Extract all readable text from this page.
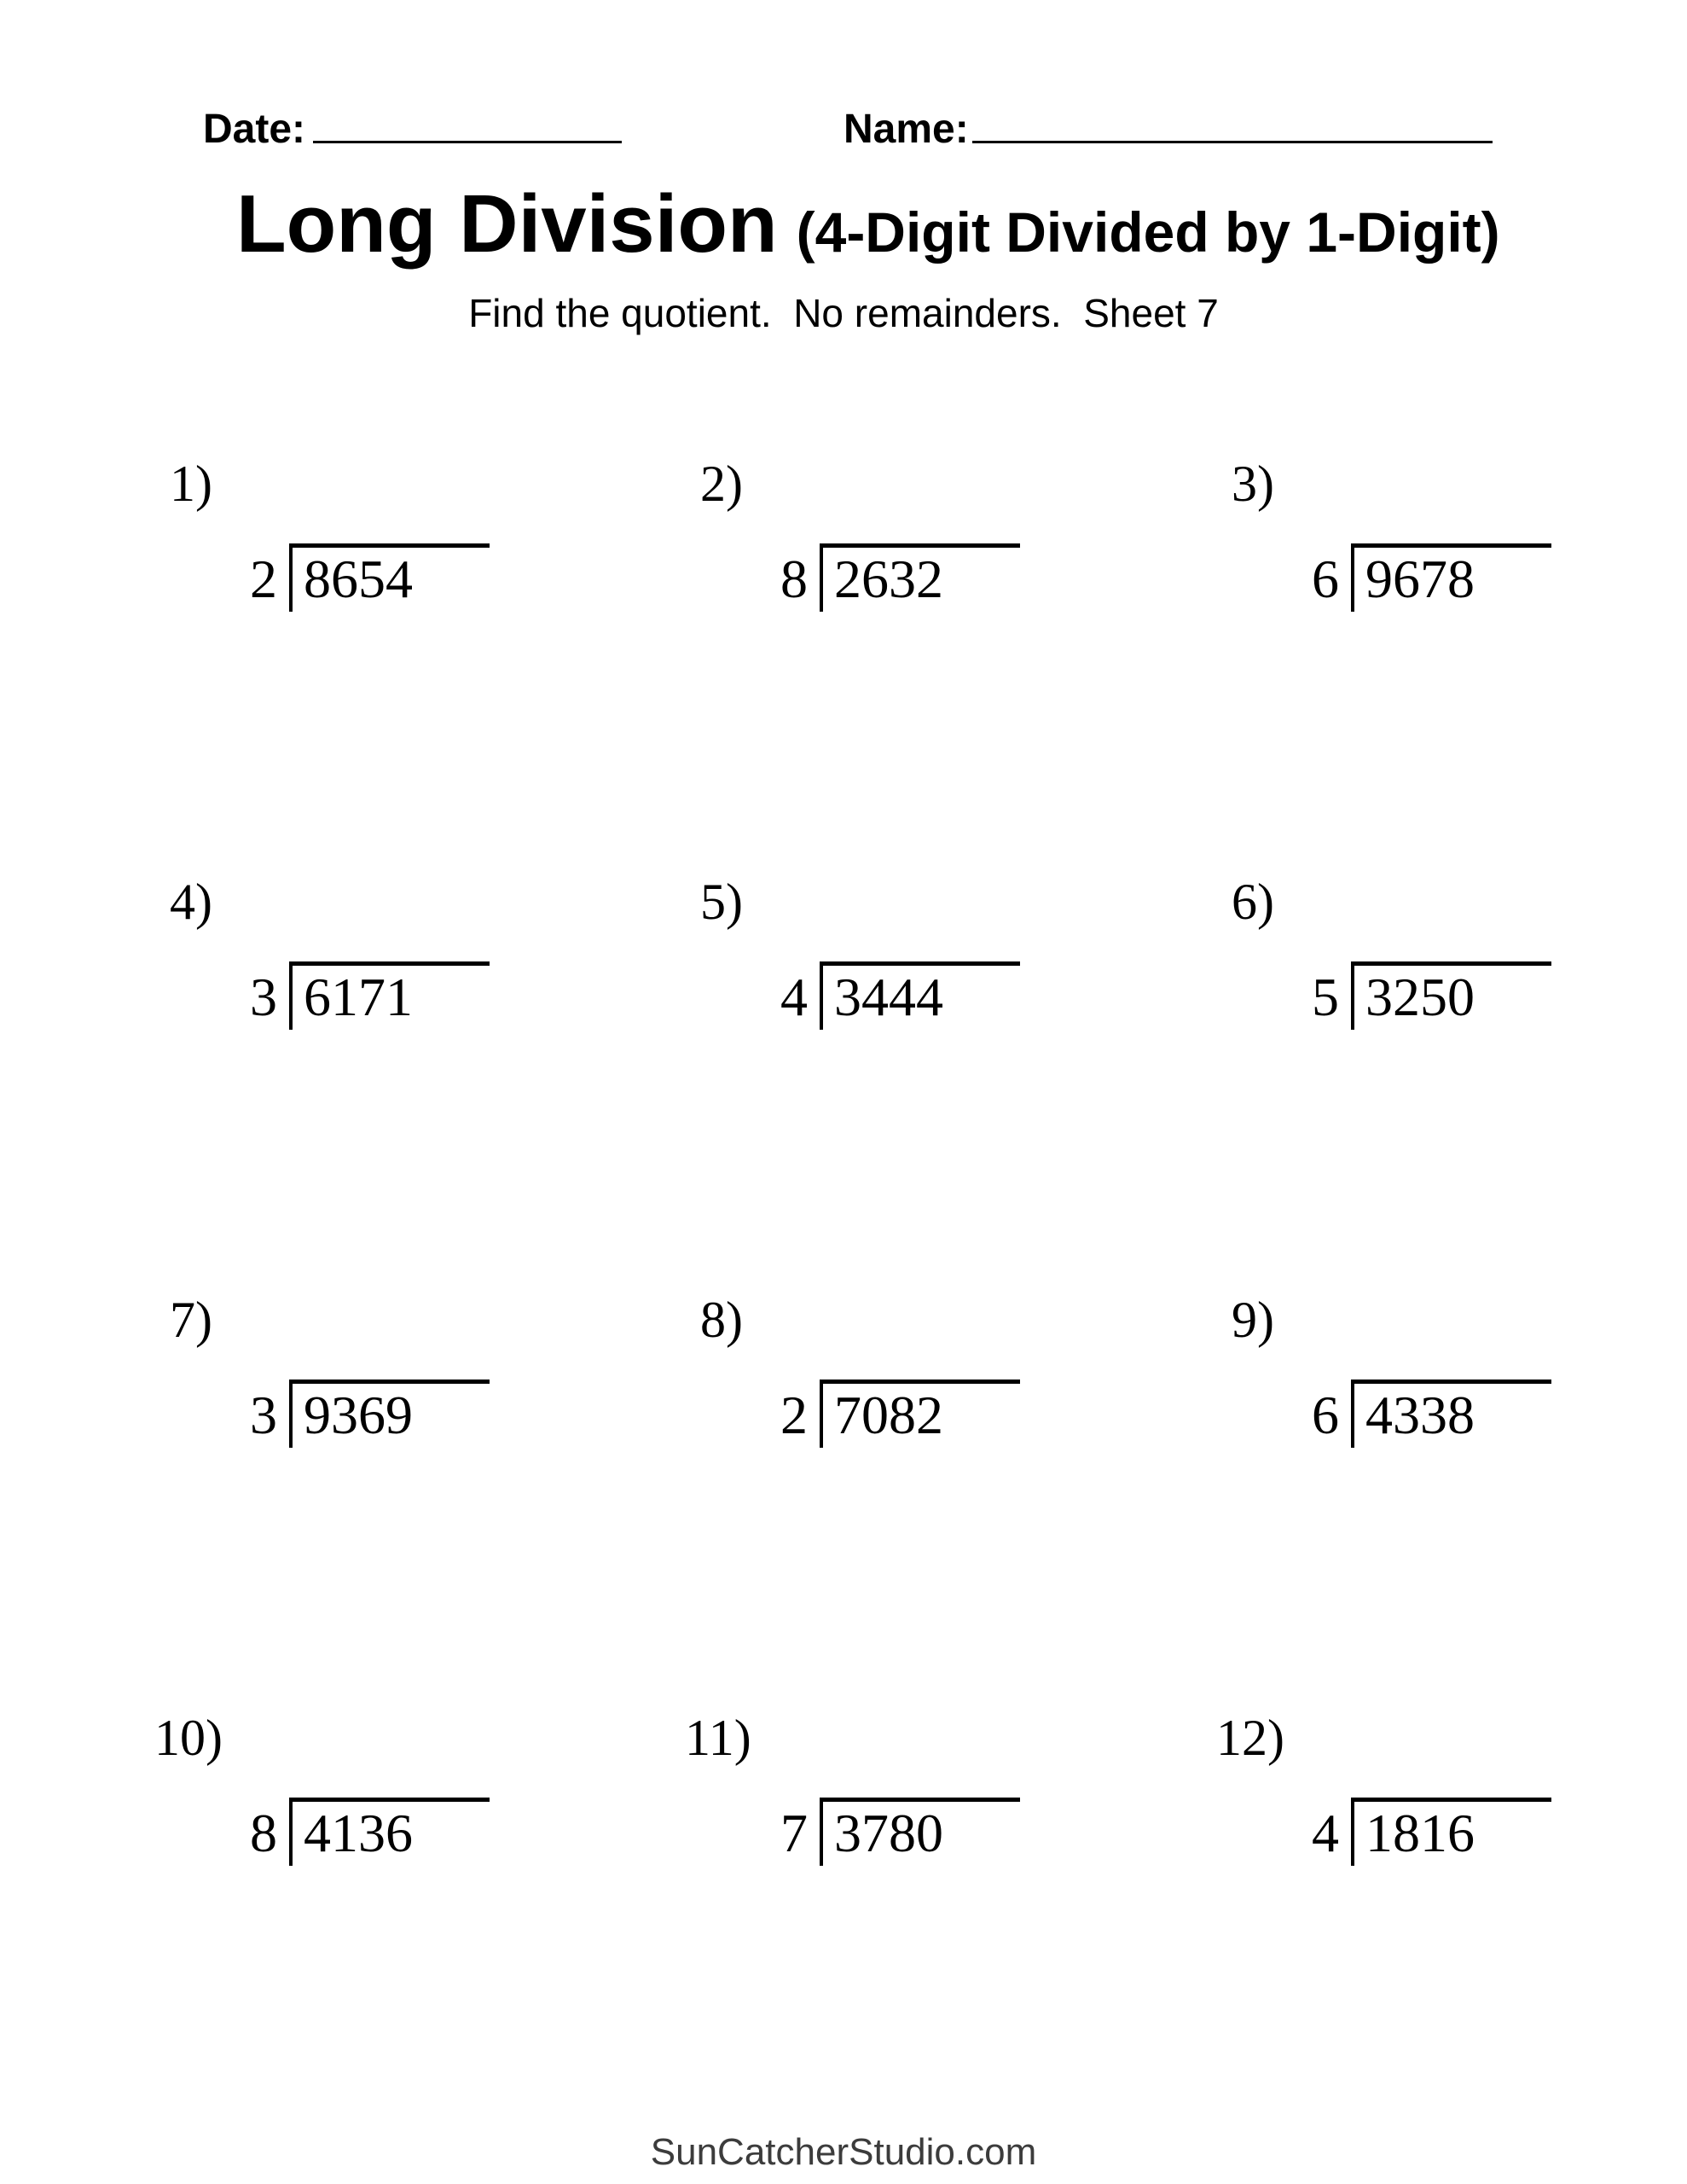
Date:	Name:
Long Division (4-Digit Divided by 1-Digit)
Find the quotient.  No remainders.  Sheet 7
1)
2 8654
2)
8 2632
3)
6 9678
4)
3 6171
5)
4 3444
6)
5 3250
7)
3 9369
8)
2 7082
9)
6 4338
10)
8 4136
11)
7 3780
12)
4 1816
SunCatcherStudio.com
